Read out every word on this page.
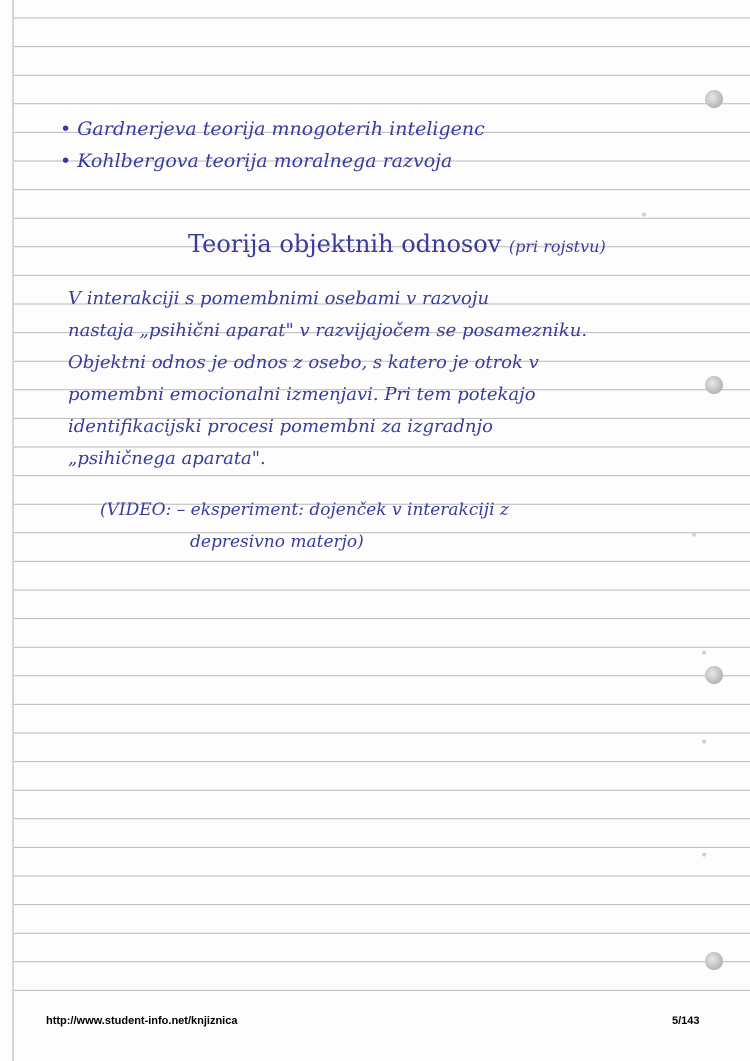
• Gardnerjeva teorija mnogoterih inteligenc
• Kohlbergova teorija moralnega razvoja
Teorija objektnih odnosov (pri rojstvu)
V interakciji s pomembnimi osebami v razvoju
nastaja „psihični aparat" v razvijajočem se posamezniku.
Objektni odnos je odnos z osebo, s katero je otrok v
pomembni emocionalni izmenjavi. Pri tem potekajo
identifikacijski procesi pomembni za izgradnjo
„psihičnega aparata".
(VIDEO: – eksperiment: dojenček v interakciji z
depresivno materjo)
•
•
•
•
•
http://www.student-info.net/knjiznica	5/143
